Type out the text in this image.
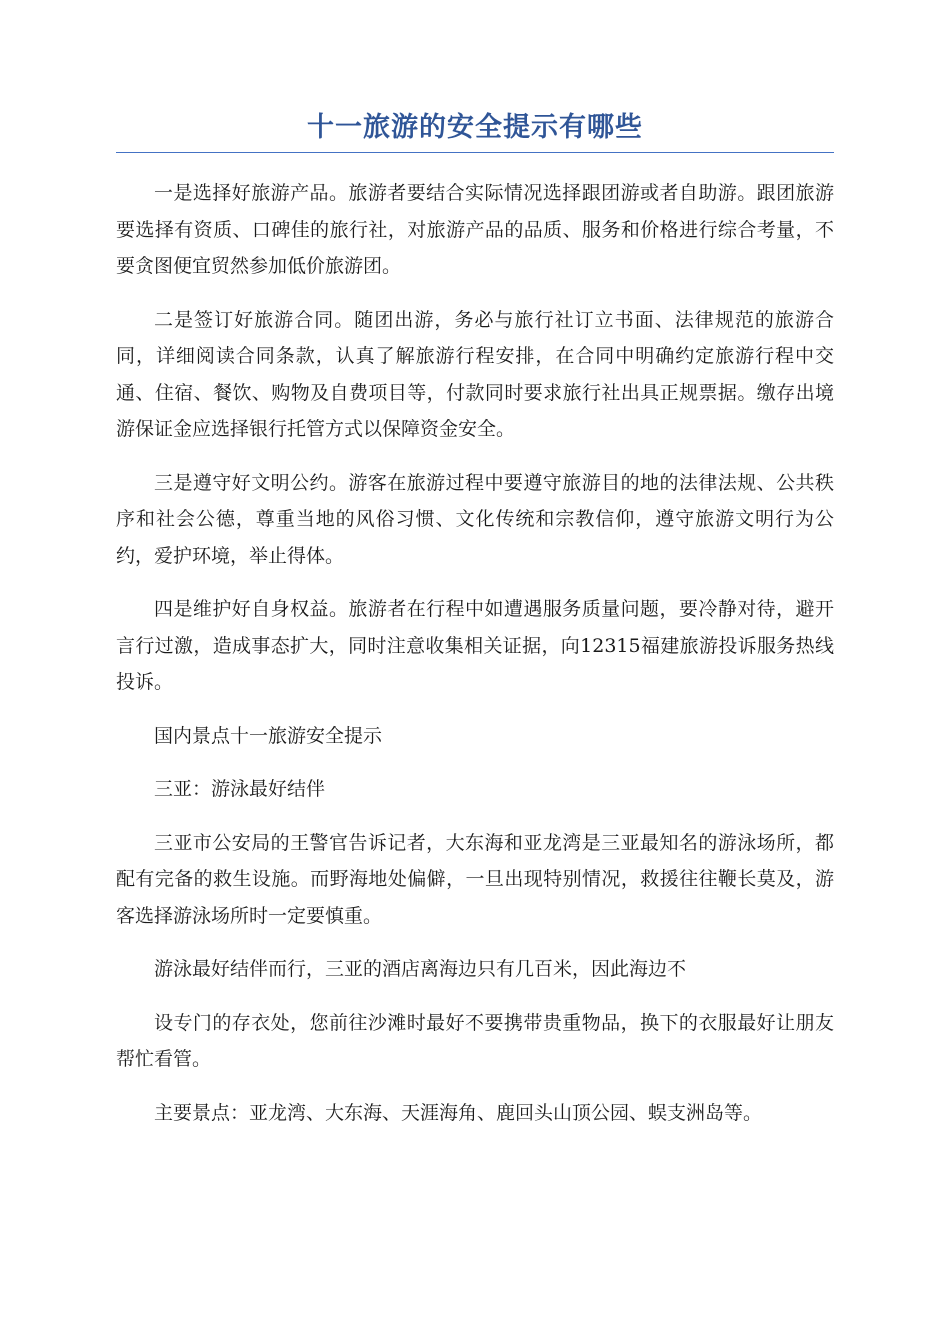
十一旅游的安全提示有哪些

一是选择好旅游产品。旅游者要结合实际情况选择跟团游或者自助游。跟团旅游要选择有资质、口碑佳的旅行社，对旅游产品的品质、服务和价格进行综合考量，不要贪图便宜贸然参加低价旅游团。

二是签订好旅游合同。随团出游，务必与旅行社订立书面、法律规范的旅游合同，详细阅读合同条款，认真了解旅游行程安排，在合同中明确约定旅游行程中交通、住宿、餐饮、购物及自费项目等，付款同时要求旅行社出具正规票据。缴存出境游保证金应选择银行托管方式以保障资金安全。

三是遵守好文明公约。游客在旅游过程中要遵守旅游目的地的法律法规、公共秩序和社会公德，尊重当地的风俗习惯、文化传统和宗教信仰，遵守旅游文明行为公约，爱护环境，举止得体。

四是维护好自身权益。旅游者在行程中如遭遇服务质量问题，要冷静对待，避开言行过激，造成事态扩大，同时注意收集相关证据，向12315福建旅游投诉服务热线投诉。

国内景点十一旅游安全提示

三亚：游泳最好结伴

三亚市公安局的王警官告诉记者，大东海和亚龙湾是三亚最知名的游泳场所，都配有完备的救生设施。而野海地处偏僻，一旦出现特别情况，救援往往鞭长莫及，游客选择游泳场所时一定要慎重。

游泳最好结伴而行，三亚的酒店离海边只有几百米，因此海边不

设专门的存衣处，您前往沙滩时最好不要携带贵重物品，换下的衣服最好让朋友帮忙看管。

主要景点：亚龙湾、大东海、天涯海角、鹿回头山顶公园、蜈支洲岛等。
